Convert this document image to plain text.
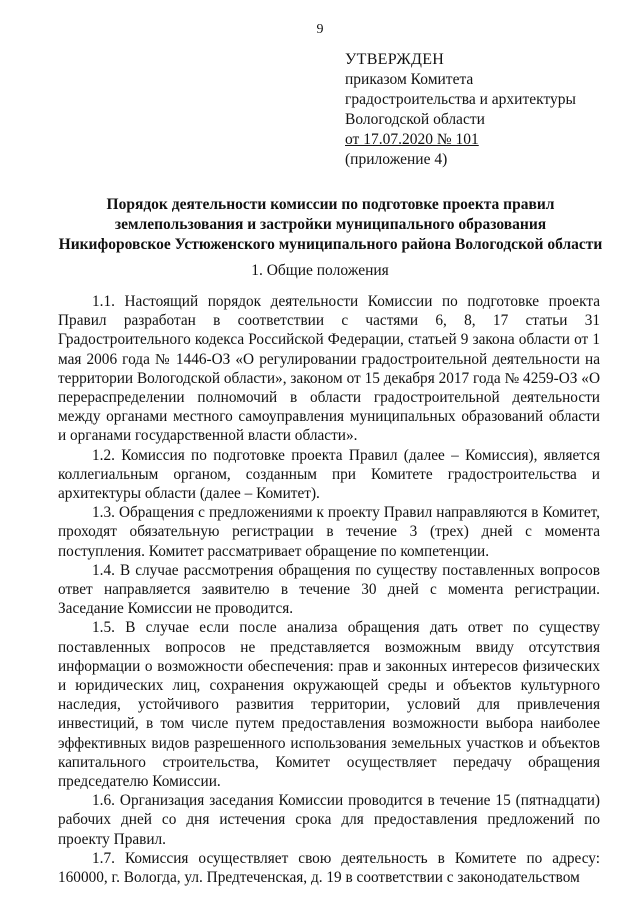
9
УТВЕРЖДЕН
приказом Комитета
градостроительства и архитектуры
Вологодской области
от 17.07.2020 № 101
(приложение 4)
Порядок деятельности комиссии по подготовке проекта правил землепользования и застройки муниципального образования Никифоровское Устюженского муниципального района Вологодской области
1. Общие положения

1.1. Настоящий порядок деятельности Комиссии по подготовке проекта Правил разработан в соответствии с частями 6, 8, 17 статьи 31 Градостроительного кодекса Российской Федерации, статьей 9 закона области от 1 мая 2006 года № 1446-ОЗ «О регулировании градостроительной деятельности на территории Вологодской области», законом от 15 декабря 2017 года № 4259-ОЗ «О перераспределении полномочий в области градостроительной деятельности между органами местного самоуправления муниципальных образований области и органами государственной власти области».

1.2. Комиссия по подготовке проекта Правил (далее – Комиссия), является коллегиальным органом, созданным при Комитете градостроительства и архитектуры области (далее – Комитет).

1.3. Обращения с предложениями к проекту Правил направляются в Комитет, проходят обязательную регистрации в течение 3 (трех) дней с момента поступления. Комитет рассматривает обращение по компетенции.

1.4. В случае рассмотрения обращения по существу поставленных вопросов ответ направляется заявителю в течение 30 дней с момента регистрации. Заседание Комиссии не проводится.

1.5. В случае если после анализа обращения дать ответ по существу поставленных вопросов не представляется возможным ввиду отсутствия информации о возможности обеспечения: прав и законных интересов физических и юридических лиц, сохранения окружающей среды и объектов культурного наследия, устойчивого развития территории, условий для привлечения инвестиций, в том числе путем предоставления возможности выбора наиболее эффективных видов разрешенного использования земельных участков и объектов капитального строительства, Комитет осуществляет передачу обращения председателю Комиссии.

1.6. Организация заседания Комиссии проводится в течение 15 (пятнадцати) рабочих дней со дня истечения срока для предоставления предложений по проекту Правил.

1.7. Комиссия осуществляет свою деятельность в Комитете по адресу: 160000, г. Вологда, ул. Предтеченская, д. 19 в соответствии с законодательством
